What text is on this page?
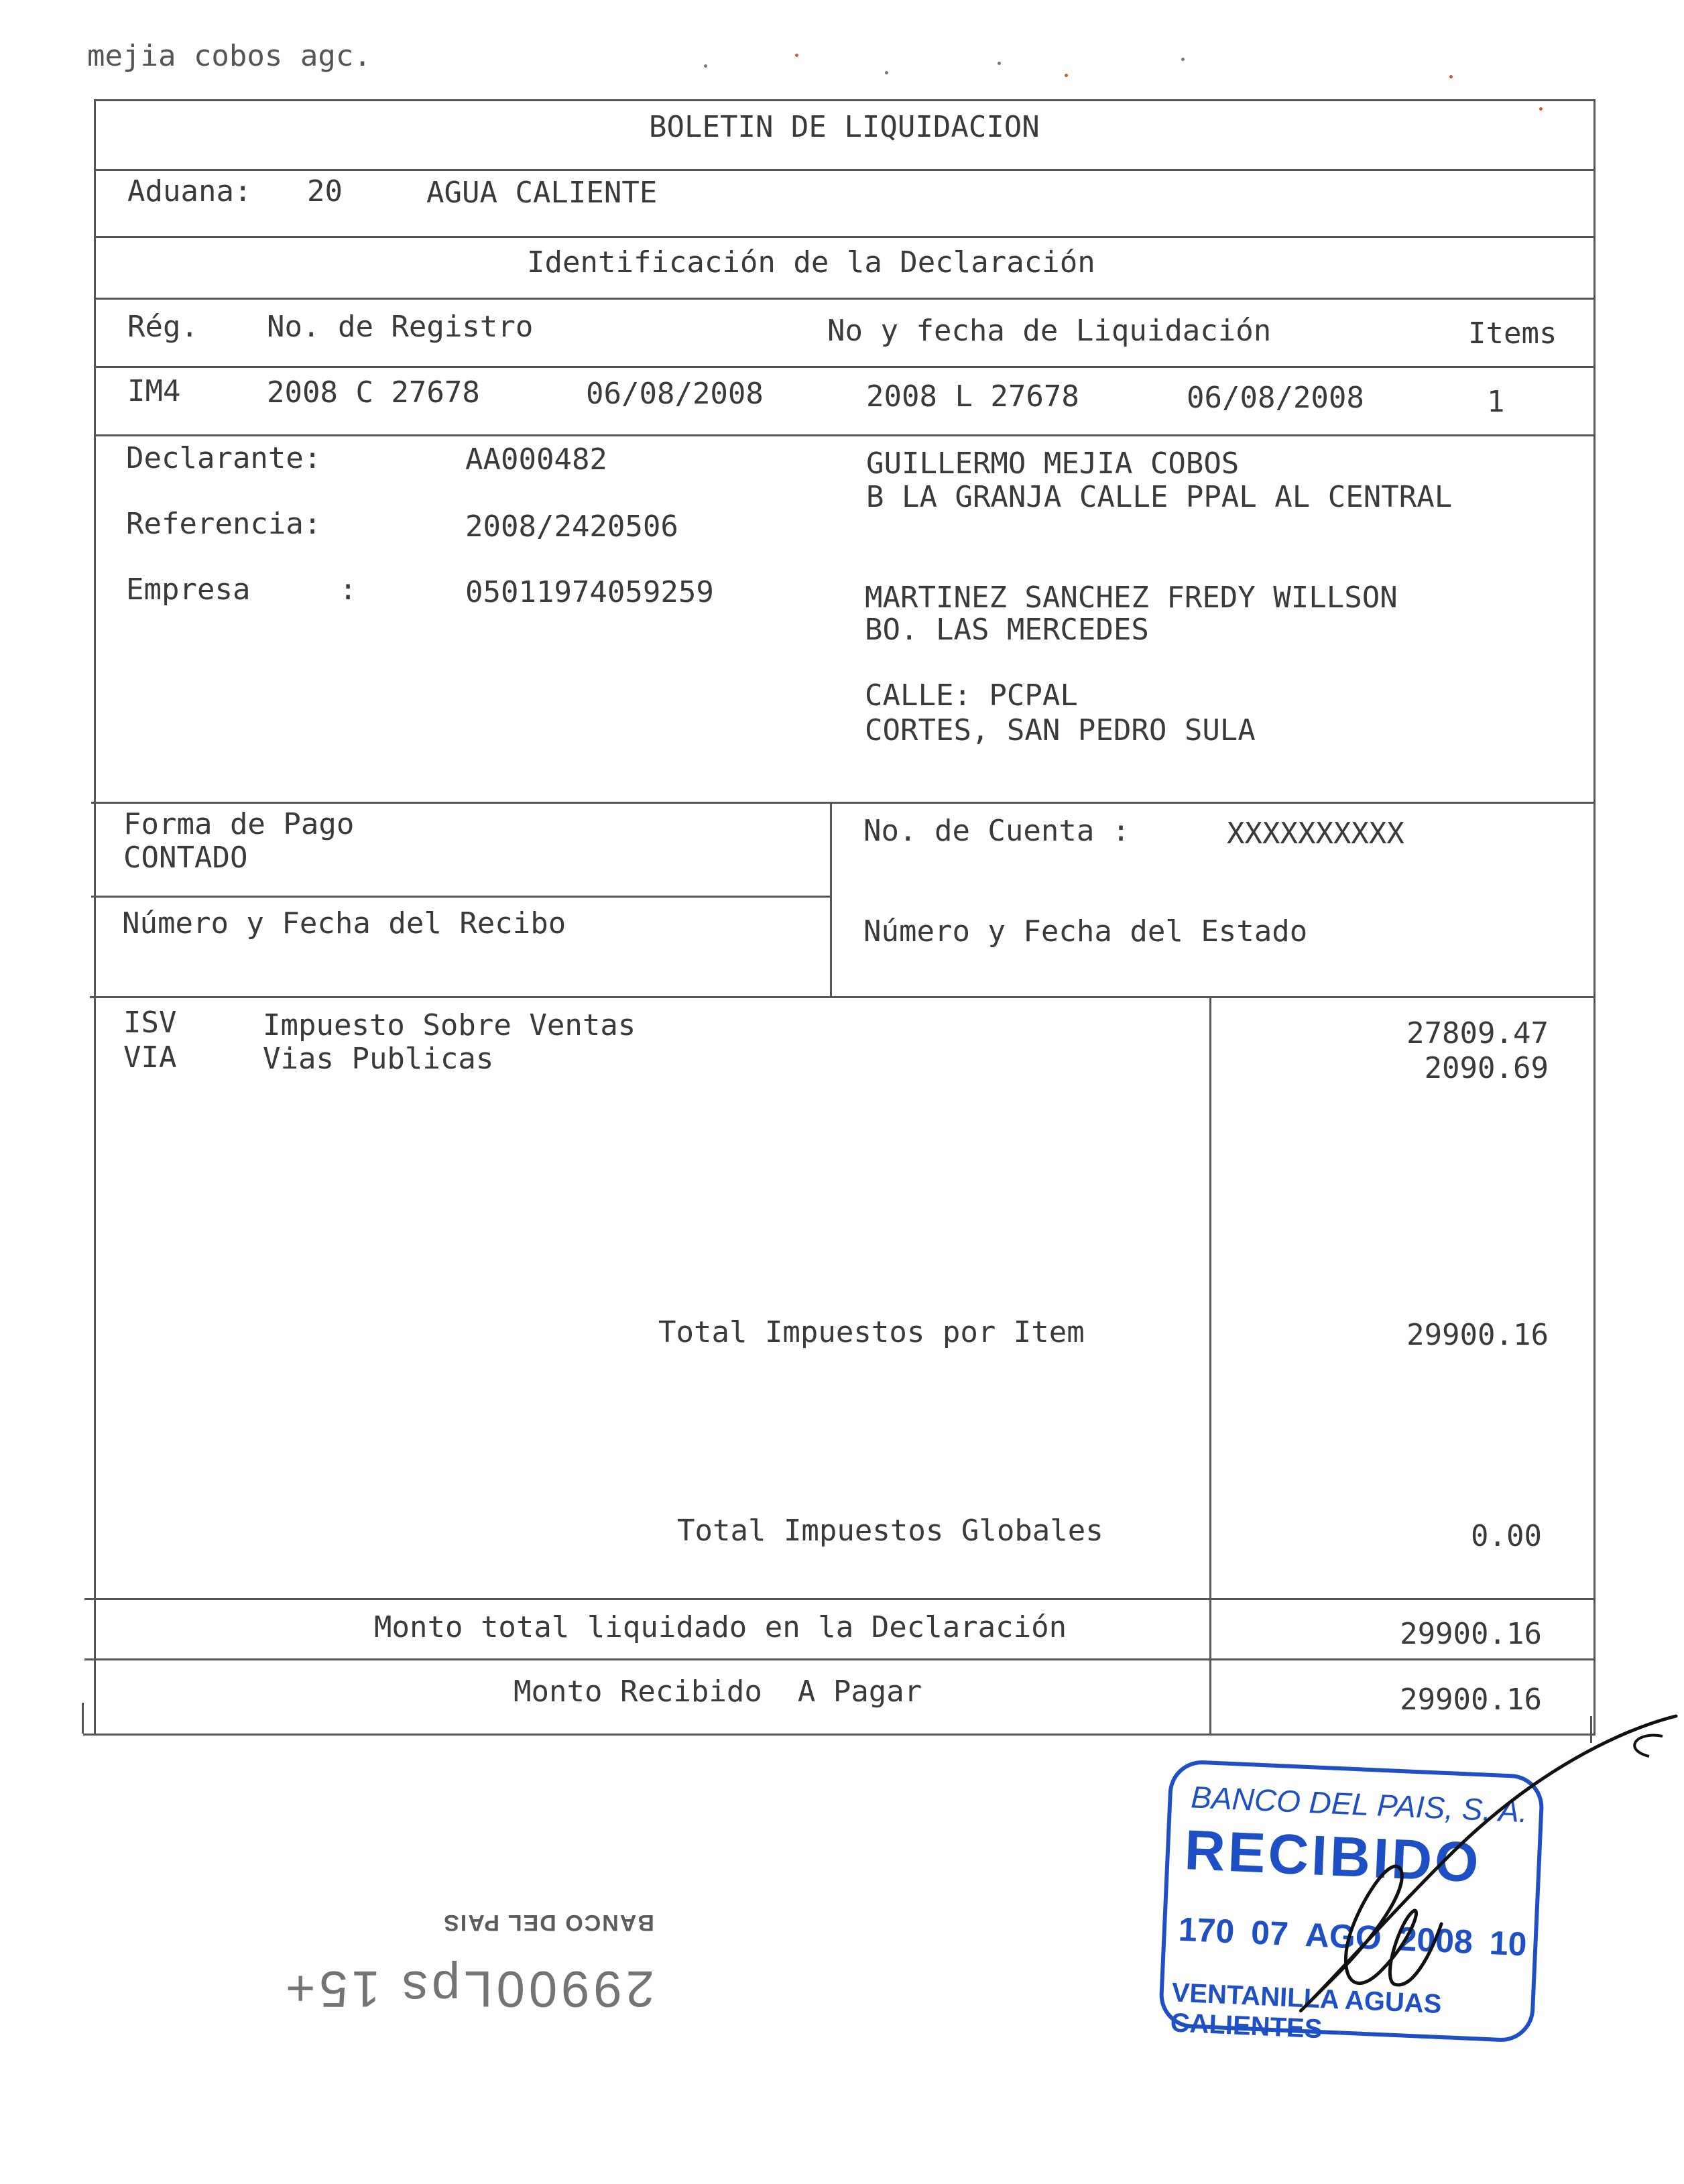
mejia cobos agc.
BOLETIN DE LIQUIDACION
Aduana: 20	AGUA CALIENTE
Identificación de la Declaración
Rég. No. de Registro	No y fecha de Liquidación	Items
IM4	2008 C 27678	06/08/2008	2008 L 27678	06/08/2008	1
Declarante:	AA000482	GUILLERMO MEJIA COBOS
B LA GRANJA CALLE PPAL AL CENTRAL
Referencia:	2008/2420506
Empresa     :	05011974059259	MARTINEZ SANCHEZ FREDY WILLSON
BO. LAS MERCEDES
CALLE: PCPAL
CORTES, SAN PEDRO SULA
Forma de Pago
CONTADO
No. de Cuenta :	XXXXXXXXXX
Número y Fecha del Recibo	Número y Fecha del Estado
ISV	Impuesto Sobre Ventas	27809.47
VIA	Vias Publicas	2090.69
Total Impuestos por Item	29900.16
Total Impuestos Globales	0.00
Monto total liquidado en la Declaración	29900.16
Monto Recibido  A Pagar	29900.16

29900Lps 15+

BANCO DEL PAIS

BANCO DEL PAIS, S. A.
RECIBIDO
170 07 AGO 2008 10
VENTANILLA AGUAS CALIENTES
